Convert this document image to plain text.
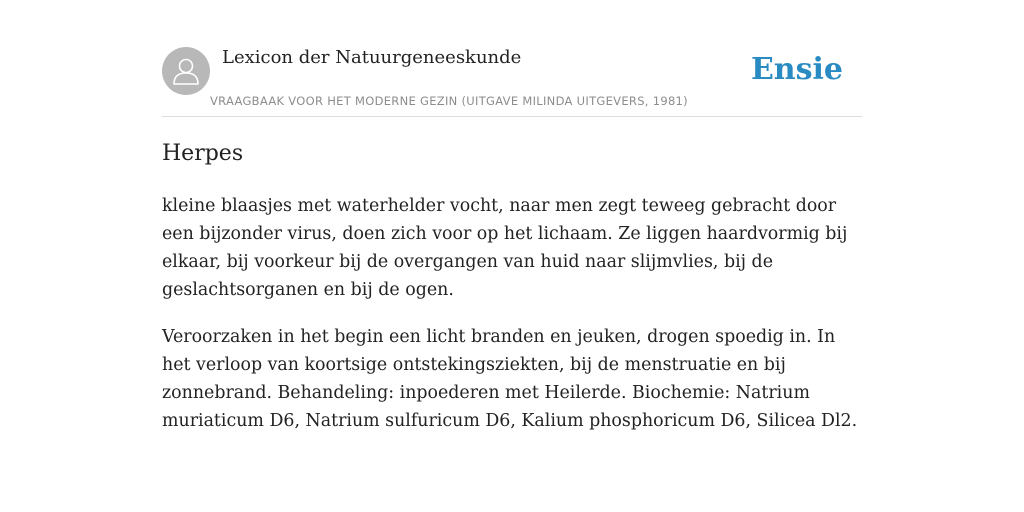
Lexicon der Natuurgeneeskunde
VRAAGBAAK VOOR HET MODERNE GEZIN (UITGAVE MILINDA UITGEVERS, 1981)
Ensie
Herpes

kleine blaasjes met waterhelder vocht, naar men zegt teweeg gebracht door een bijzonder virus, doen zich voor op het lichaam. Ze liggen haardvormig bij elkaar, bij voorkeur bij de overgangen van huid naar slijmvlies, bij de geslachtsorganen en bij de ogen.

Veroorzaken in het begin een licht branden en jeuken, drogen spoedig in. In het verloop van koortsige ontstekingsziekten, bij de menstruatie en bij zonnebrand. Behandeling: inpoederen met Heilerde. Biochemie: Natrium muriaticum D6, Natrium sulfuricum D6, Kalium phosphoricum D6, Silicea Dl2.
